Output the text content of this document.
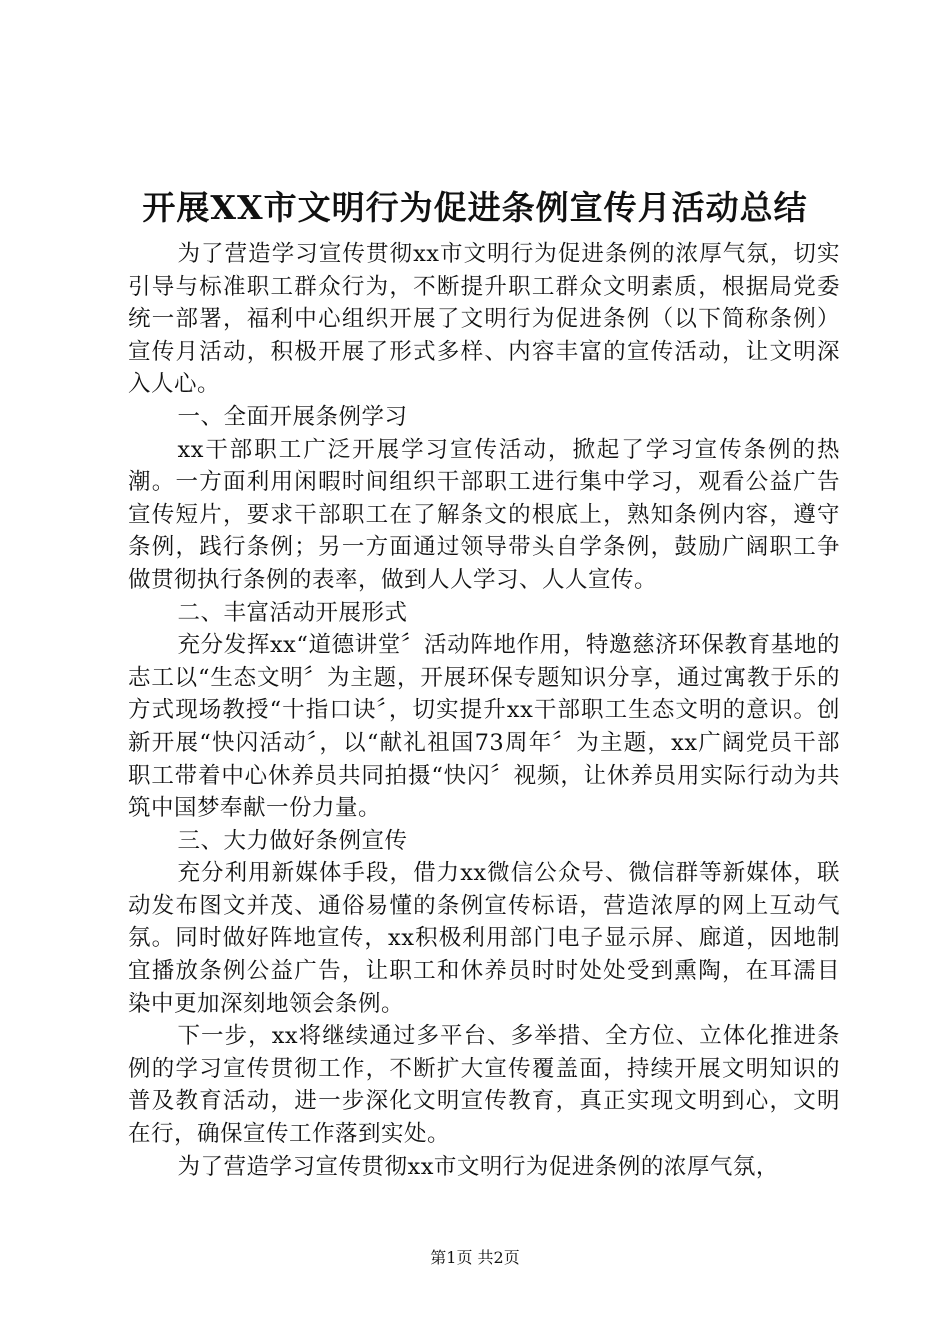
开展XX市文明行为促进条例宣传月活动总结

为了营造学习宣传贯彻xx市文明行为促进条例的浓厚气氛，切实引导与标准职工群众行为，不断提升职工群众文明素质，根据局党委统一部署，福利中心组织开展了文明行为促进条例（以下简称条例）宣传月活动，积极开展了形式多样、内容丰富的宣传活动，让文明深入人心。

一、全面开展条例学习

xx干部职工广泛开展学习宣传活动，掀起了学习宣传条例的热潮。一方面利用闲暇时间组织干部职工进行集中学习，观看公益广告宣传短片，要求干部职工在了解条文的根底上，熟知条例内容，遵守条例，践行条例；另一方面通过领导带头自学条例，鼓励广阔职工争做贯彻执行条例的表率，做到人人学习、人人宣传。

二、丰富活动开展形式

充分发挥xx“道德讲堂〞活动阵地作用，特邀慈济环保教育基地的志工以“生态文明〞为主题，开展环保专题知识分享，通过寓教于乐的方式现场教授“十指口诀〞，切实提升xx干部职工生态文明的意识。创新开展“快闪活动〞，以“献礼祖国73周年〞为主题，xx广阔党员干部职工带着中心休养员共同拍摄“快闪〞视频，让休养员用实际行动为共筑中国梦奉献一份力量。

三、大力做好条例宣传

充分利用新媒体手段，借力xx微信公众号、微信群等新媒体，联动发布图文并茂、通俗易懂的条例宣传标语，营造浓厚的网上互动气氛。同时做好阵地宣传，xx积极利用部门电子显示屏、廊道，因地制宜播放条例公益广告，让职工和休养员时时处处受到熏陶，在耳濡目染中更加深刻地领会条例。

下一步，xx将继续通过多平台、多举措、全方位、立体化推进条例的学习宣传贯彻工作，不断扩大宣传覆盖面，持续开展文明知识的普及教育活动，进一步深化文明宣传教育，真正实现文明到心，文明在行，确保宣传工作落到实处。

为了营造学习宣传贯彻xx市文明行为促进条例的浓厚气氛，

第1页 共2页
